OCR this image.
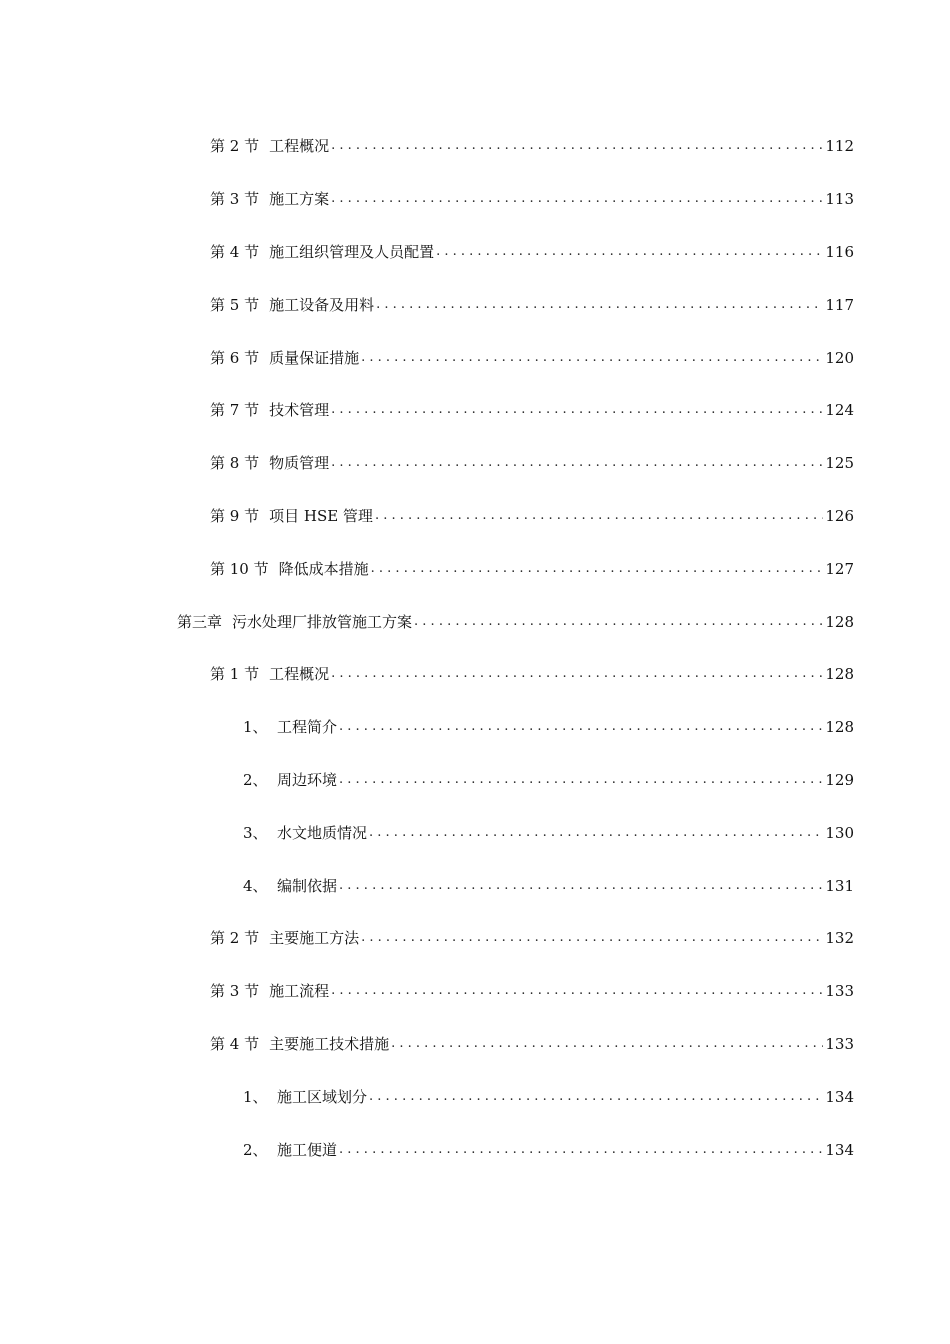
第 2 节 工程概况 . . .	112
第 3 节 施工方案 . . .	113
第 4 节 施工组织管理及人员配置 . . .	116
第 5 节 施工设备及用料 . . .	117
第 6 节 质量保证措施 . . .	120
第 7 节 技术管理 . . .	124
第 8 节 物质管理 . . .	125
第 9 节 项目 HSE 管理 . . .	126
第 10 节 降低成本措施 . . .	127
第三章 污水处理厂排放管施工方案 . . .	128
第 1 节 工程概况 . . .	128
1、 工程简介 . . .	128
2、 周边环境 . . .	129
3、 水文地质情况 . . .	130
4、 编制依据 . . .	131
第 2 节 主要施工方法 . . .	132
第 3 节 施工流程 . . .	133
第 4 节 主要施工技术措施 . . .	133
1、 施工区域划分 . . .	134
2、 施工便道 . . .	134
